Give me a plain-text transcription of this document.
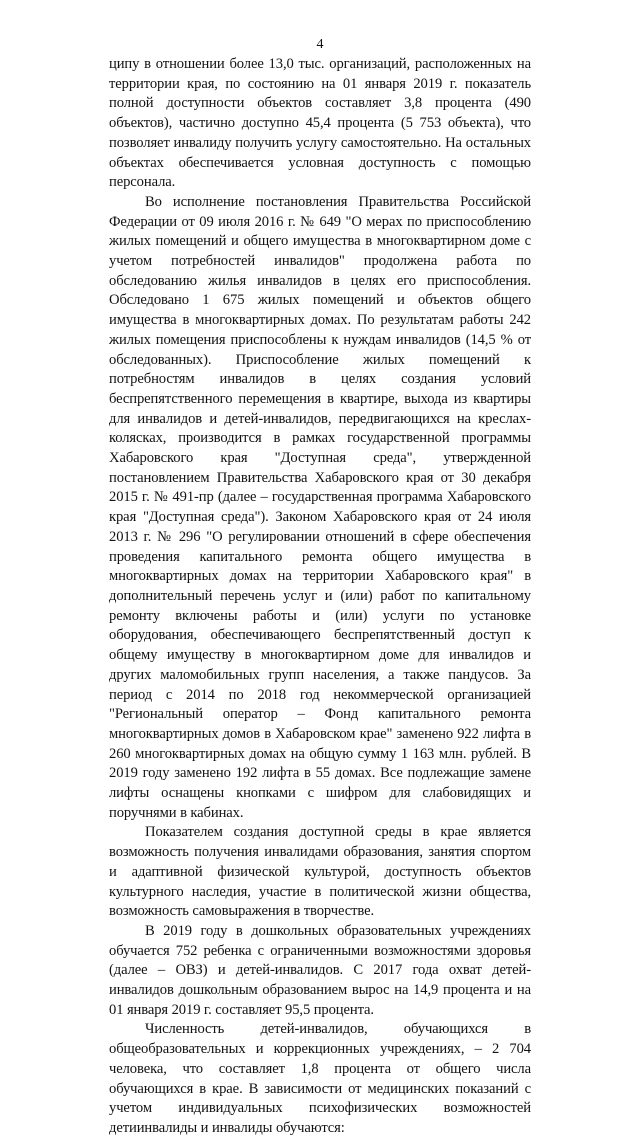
4

ципу в отношении более 13,0 тыс. организаций, расположенных на территории края, по состоянию на 01 января 2019 г. показатель полной доступности объектов составляет 3,8 процента (490 объектов), частично доступно 45,4 процента (5 753 объекта), что позволяет инвалиду получить услугу самостоятельно. На остальных объектах обеспечивается условная доступность с помощью персонала.

Во исполнение постановления Правительства Российской Федерации от 09 июля 2016 г. № 649 "О мерах по приспособлению жилых помещений и общего имущества в многоквартирном доме с учетом потребностей инвалидов" продолжена работа по обследованию жилья инвалидов в целях его приспособления. Обследовано 1 675 жилых помещений и объектов общего имущества в многоквартирных домах. По результатам работы 242 жилых помещения приспособлены к нуждам инвалидов (14,5 % от обследованных). Приспособление жилых помещений к потребностям инвалидов в целях создания условий беспрепятственного перемещения в квартире, выхода из квартиры для инвалидов и детей-инвалидов, передвигающихся на креслах-колясках, производится в рамках государственной программы Хабаровского края "Доступная среда", утвержденной постановлением Правительства Хабаровского края от 30 декабря 2015 г. № 491-пр (далее – государственная программа Хабаровского края "Доступная среда"). Законом Хабаровского края от 24 июля 2013 г. № 296 "О регулировании отношений в сфере обеспечения проведения капитального ремонта общего имущества в многоквартирных домах на территории Хабаровского края" в дополнительный перечень услуг и (или) работ по капитальному ремонту включены работы и (или) услуги по установке оборудования, обеспечивающего беспрепятственный доступ к общему имуществу в многоквартирном доме для инвалидов и других маломобильных групп населения, а также пандусов. За период с 2014 по 2018 год некоммерческой организацией "Региональный оператор – Фонд капитального ремонта многоквартирных домов в Хабаровском крае" заменено 922 лифта в 260 многоквартирных домах на общую сумму 1 163 млн. рублей. В 2019 году заменено 192 лифта в 55 домах. Все подлежащие замене лифты оснащены кнопками с шифром для слабовидящих и поручнями в кабинах.

Показателем создания доступной среды в крае является возможность получения инвалидами образования, занятия спортом и адаптивной физической культурой, доступность объектов культурного наследия, участие в политической жизни общества, возможность самовыражения в творчестве.

В 2019 году в дошкольных образовательных учреждениях обучается 752 ребенка с ограниченными возможностями здоровья (далее – ОВЗ) и детей-инвалидов. С 2017 года охват детей-инвалидов дошкольным образованием вырос на 14,9 процента и на 01 января 2019 г. составляет 95,5 процента.

Численность детей-инвалидов, обучающихся в общеобразовательных и коррекционных учреждениях, – 2 704 человека, что составляет 1,8 процента от общего числа обучающихся в крае. В зависимости от медицинских показаний с учетом индивидуальных психофизических возможностей детиинвалиды и инвалиды обучаются:
